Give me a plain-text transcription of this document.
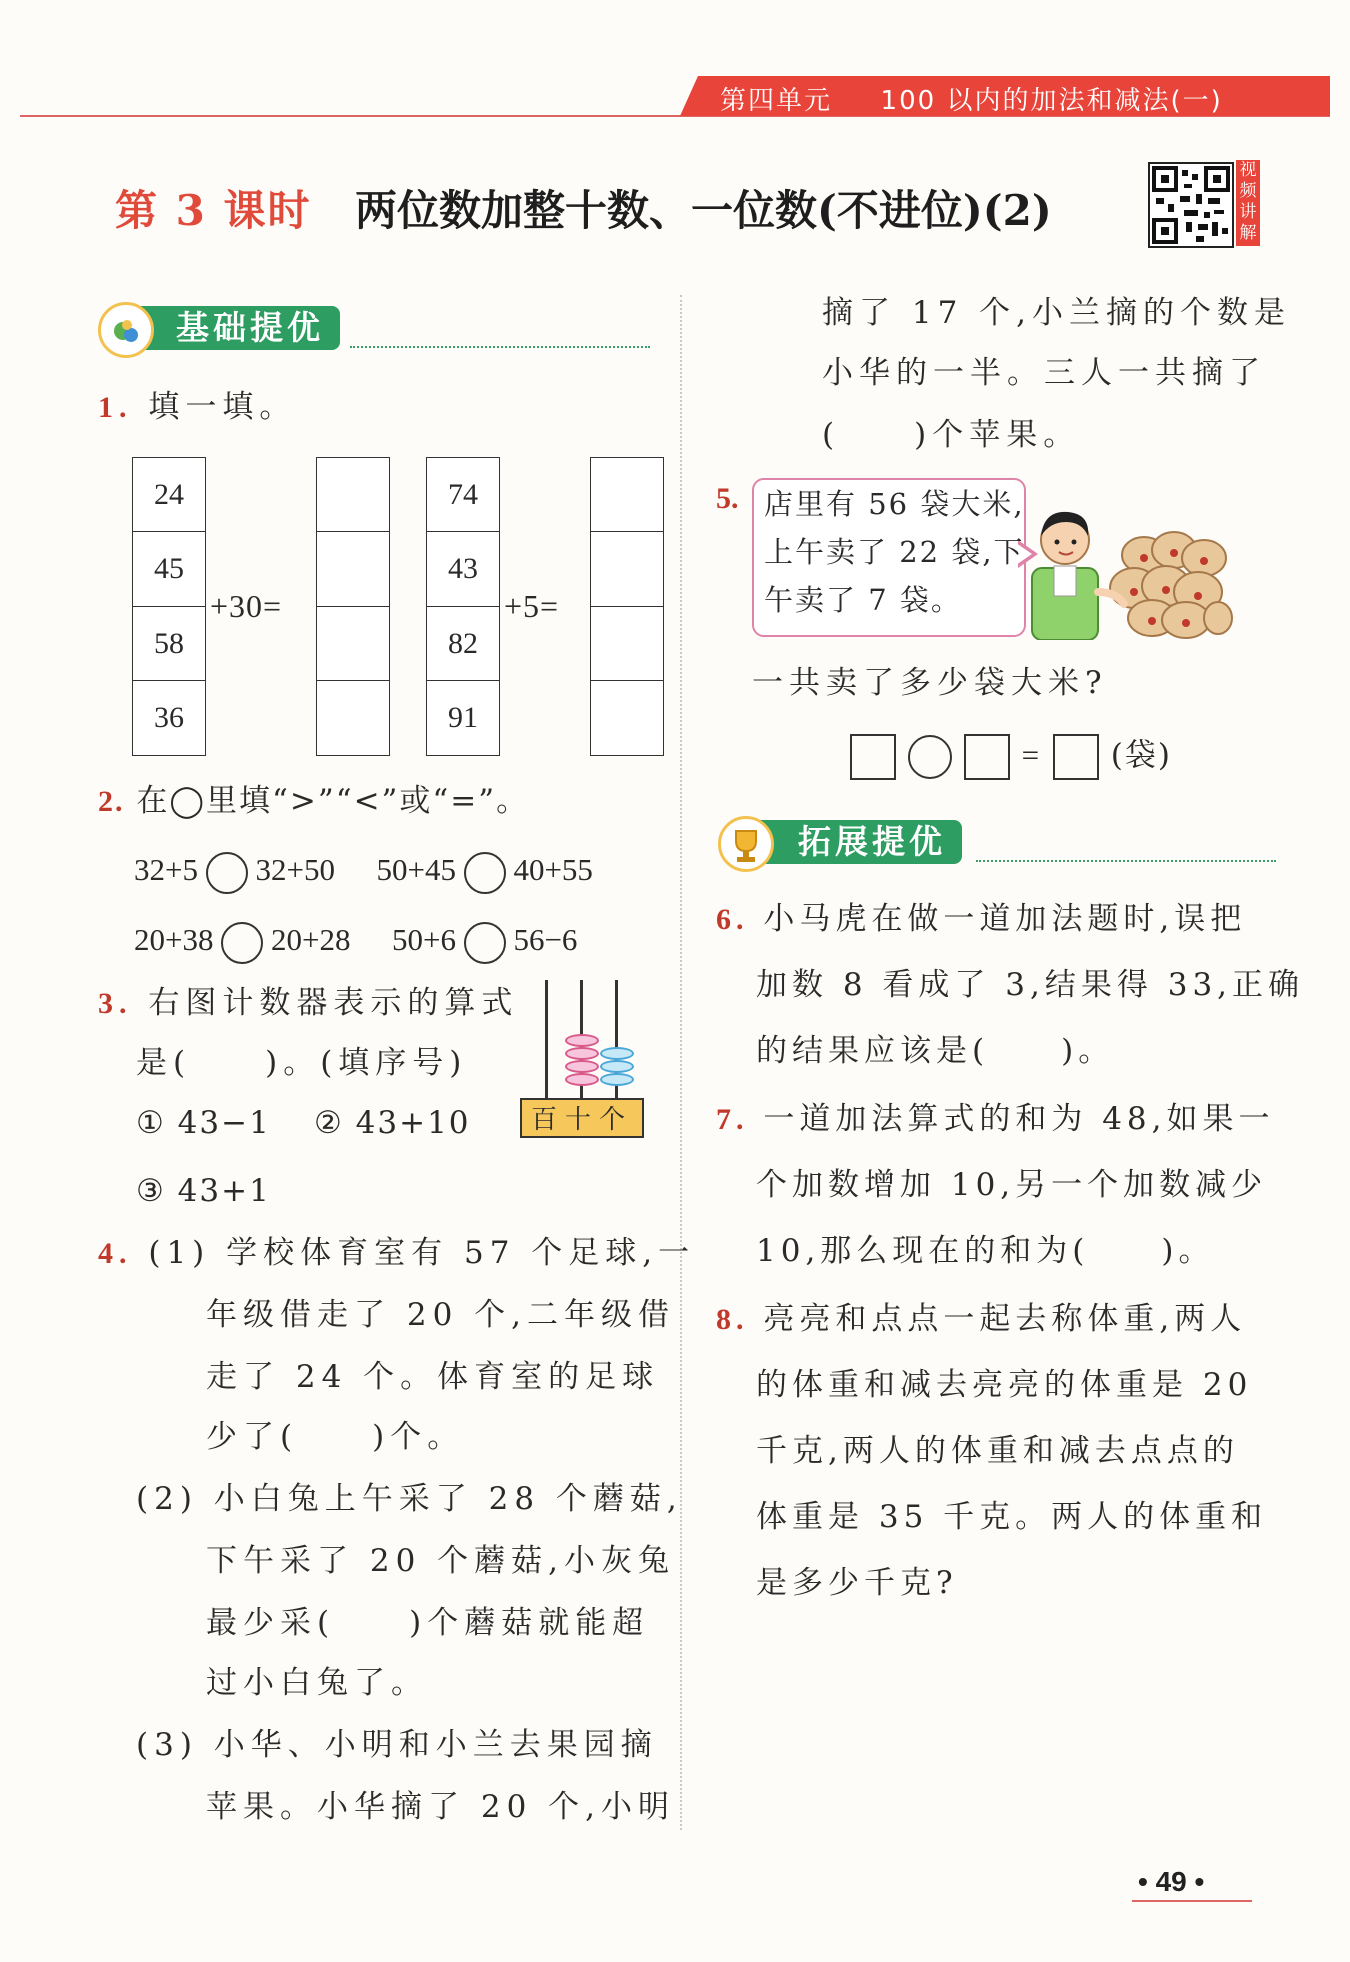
第四单元 100 以内的加法和减法(一)
第 3 课时 两位数加整十数、一位数(不进位)(2)
视频讲解
基础提优
1. 填一填。
24
45
58
36
+30=
74
43
82
91
+5=
2. 在◯里填“>”“<”或“=”。
32+5 32+50 50+45 40+55
20+38 20+28 50+6 56−6
3. 右图计数器表示的算式
是(　　)。(填序号)
① 43−1 ② 43+10
③ 43+1
百十个
4. (1) 学校体育室有 57 个足球,一
年级借走了 20 个,二年级借
走了 24 个。体育室的足球
少了(　　)个。
(2) 小白兔上午采了 28 个蘑菇,
下午采了 20 个蘑菇,小灰兔
最少采(　　)个蘑菇就能超
过小白兔了。
(3) 小华、小明和小兰去果园摘
苹果。小华摘了 20 个,小明
摘了 17 个,小兰摘的个数是
小华的一半。三人一共摘了
(　　)个苹果。
5. 店里有 56 袋大米,
上午卖了 22 袋,下
午卖了 7 袋。
一共卖了多少袋大米?
= (袋)
拓展提优
6. 小马虎在做一道加法题时,误把
加数 8 看成了 3,结果得 33,正确
的结果应该是(　　)。
7. 一道加法算式的和为 48,如果一
个加数增加 10,另一个加数减少
10,那么现在的和为(　　)。
8. 亮亮和点点一起去称体重,两人
的体重和减去亮亮的体重是 20
千克,两人的体重和减去点点的
体重是 35 千克。两人的体重和
是多少千克?
• 49 •
